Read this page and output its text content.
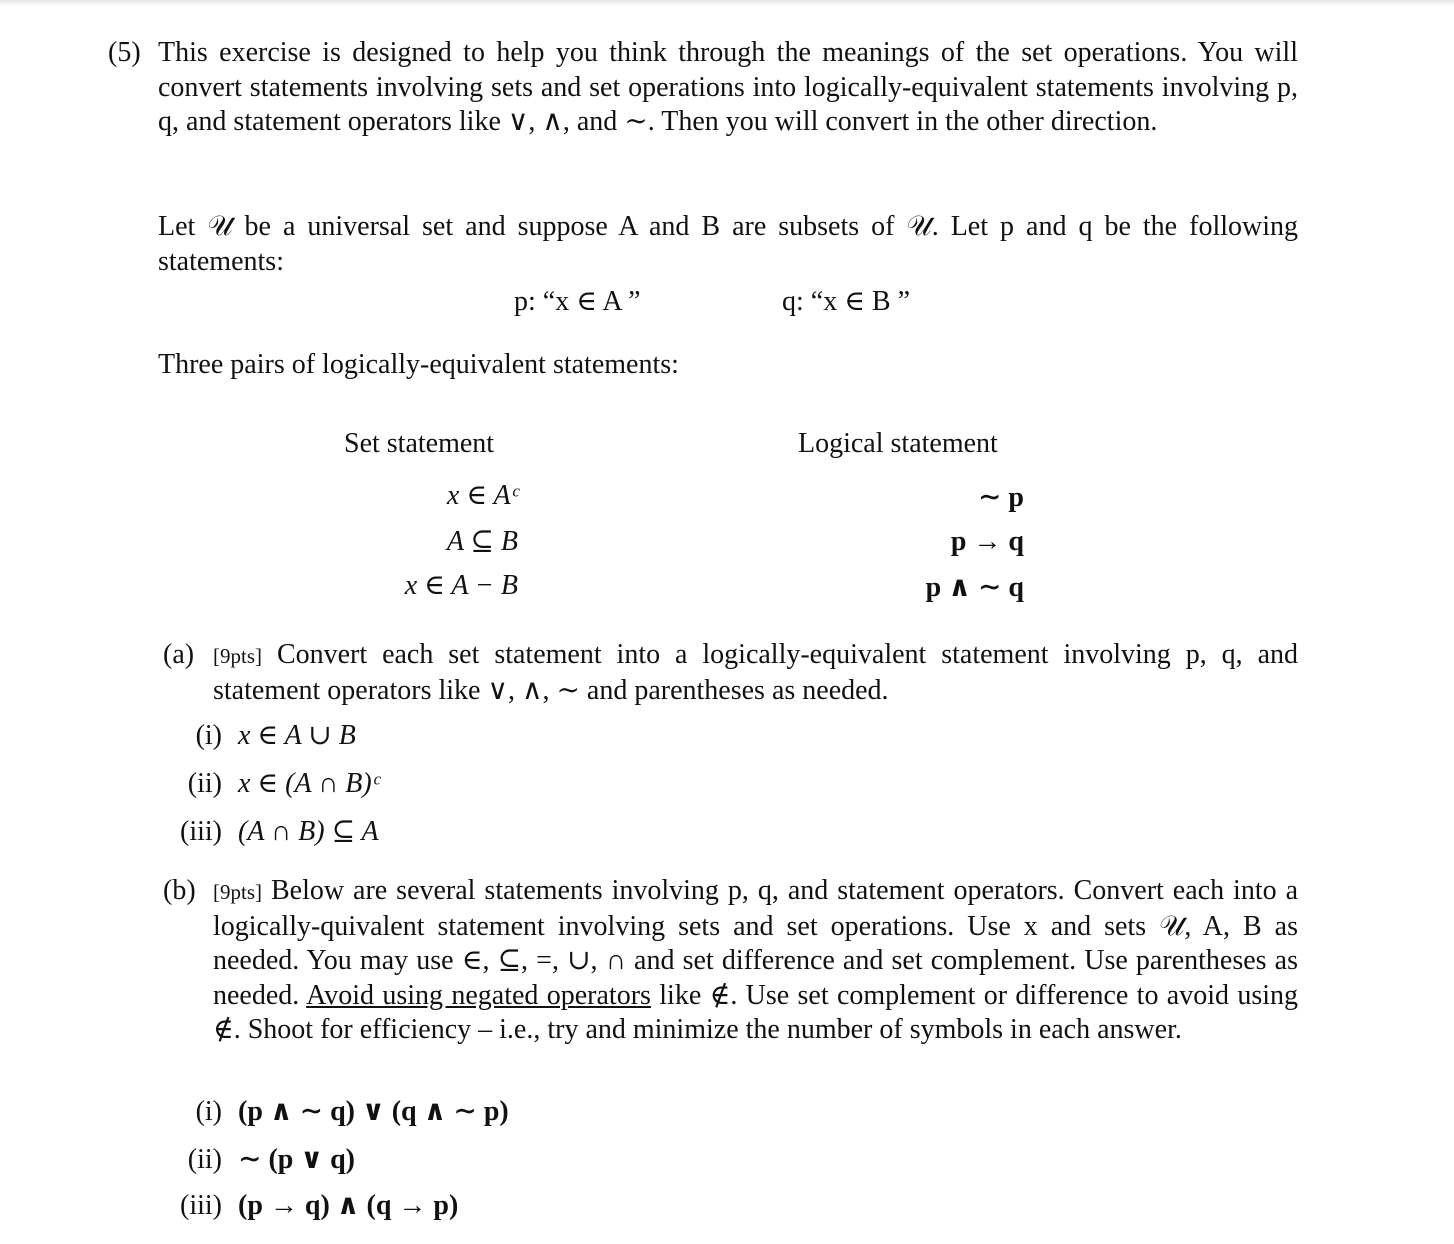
(5) This exercise is designed to help you think through the meanings of the set operations. You will convert statements involving sets and set operations into logically-equivalent statements involving p, q, and statement operators like ∨, ∧, and ∼. Then you will convert in the other direction.
Let 𝒰 be a universal set and suppose A and B are subsets of 𝒰. Let p and q be the following statements:
p: “x ∈ A ”	q: “x ∈ B ”
Three pairs of logically-equivalent statements:
Set statement	Logical statement
x ∈ Aᶜ	∼ p
A ⊆ B	p → q
x ∈ A − B	p ∧ ∼ q
(a) [9pts] Convert each set statement into a logically-equivalent statement involving p, q, and statement operators like ∨, ∧, ∼ and parentheses as needed.
(i) x ∈ A ∪ B
(ii) x ∈ (A ∩ B)ᶜ
(iii) (A ∩ B) ⊆ A
(b) [9pts] Below are several statements involving p, q, and statement operators. Convert each into a logically-quivalent statement involving sets and set operations. Use x and sets 𝒰, A, B as needed. You may use ∈, ⊆, =, ∪, ∩ and set difference and set complement. Use parentheses as needed. Avoid using negated operators like ∉. Use set complement or difference to avoid using ∉. Shoot for efficiency – i.e., try and minimize the number of symbols in each answer.
(i) (p ∧ ∼ q) ∨ (q ∧ ∼ p)
(ii) ∼ (p ∨ q)
(iii) (p → q) ∧ (q → p)
